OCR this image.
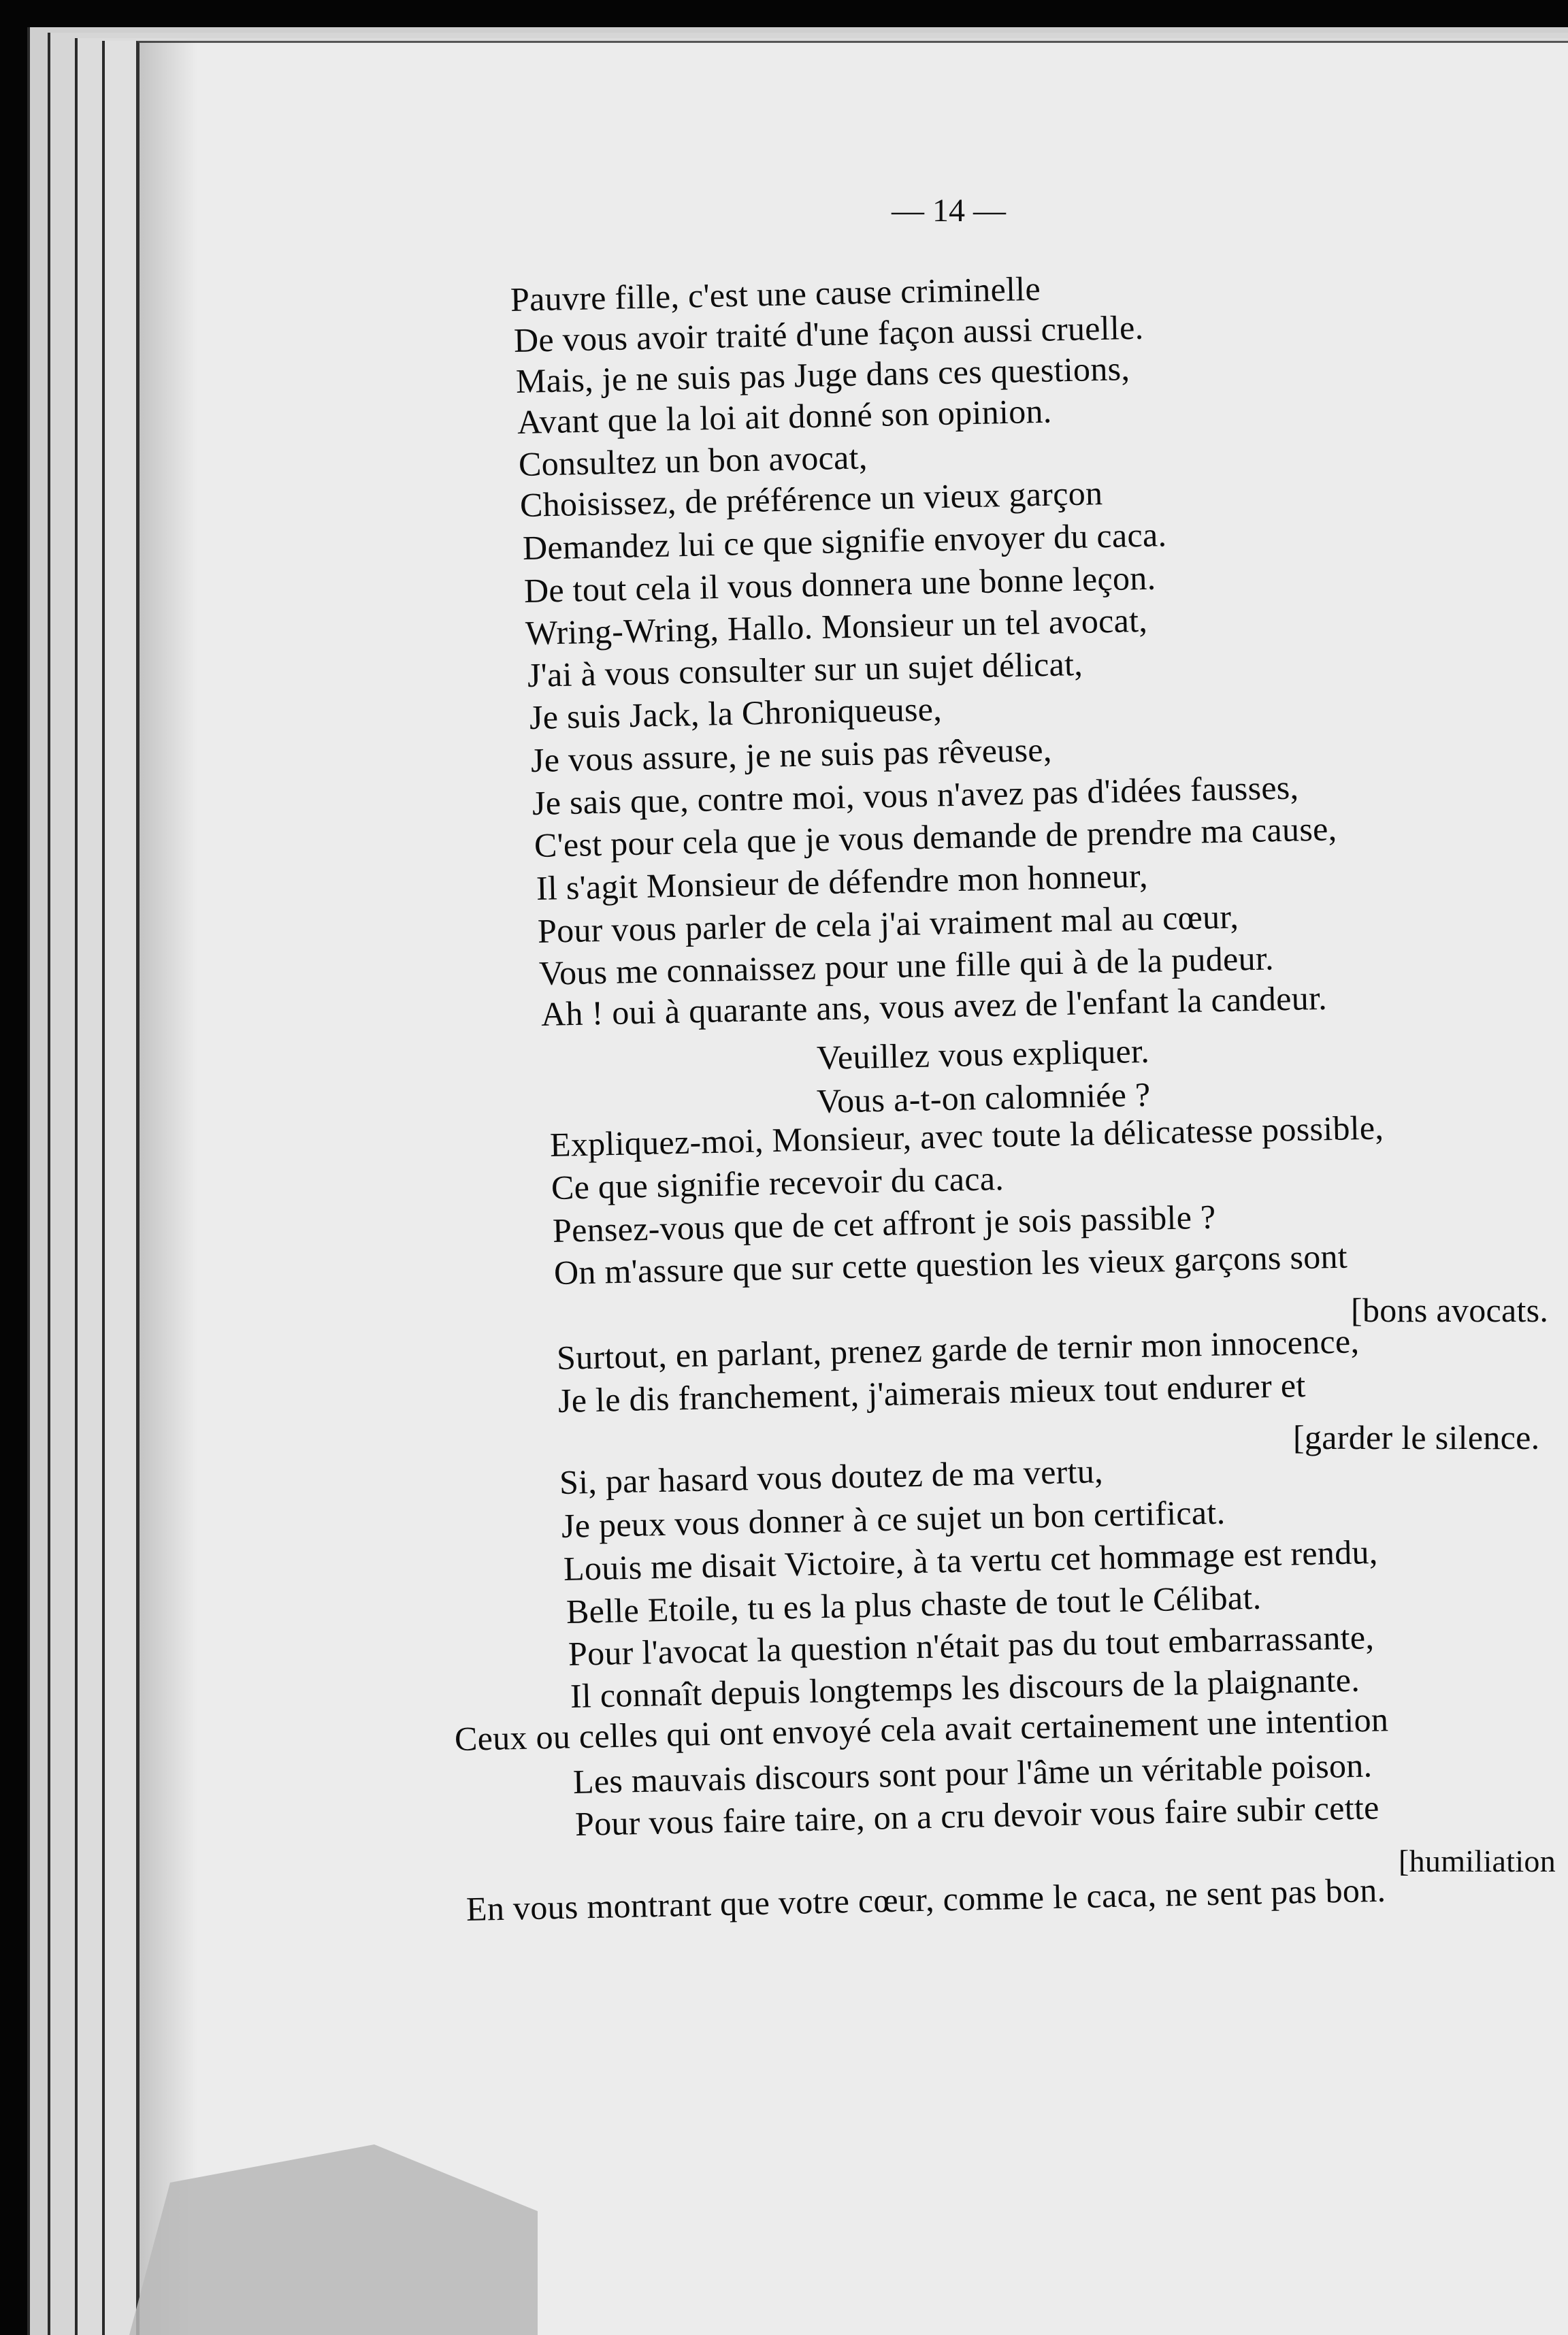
— 14 —
Pauvre fille, c'est une cause criminelle
De vous avoir traité d'une façon aussi cruelle.
Mais, je ne suis pas Juge dans ces questions,
Avant que la loi ait donné son opinion.
Consultez un bon avocat,
Choisissez, de préférence un vieux garçon
Demandez lui ce que signifie envoyer du caca.
De tout cela il vous donnera une bonne leçon.
Wring-Wring, Hallo. Monsieur un tel avocat,
J'ai à vous consulter sur un sujet délicat,
Je suis Jack, la Chroniqueuse,
Je vous assure, je ne suis pas rêveuse,
Je sais que, contre moi, vous n'avez pas d'idées fausses,
C'est pour cela que je vous demande de prendre ma cause,
Il s'agit Monsieur de défendre mon honneur,
Pour vous parler de cela j'ai vraiment mal au cœur,
Vous me connaissez pour une fille qui à de la pudeur.
Ah ! oui à quarante ans, vous avez de l'enfant la candeur.
Veuillez vous expliquer.
Vous a-t-on calomniée ?
Expliquez-moi, Monsieur, avec toute la délicatesse possible,
Ce que signifie recevoir du caca.
Pensez-vous que de cet affront je sois passible ?
On m'assure que sur cette question les vieux garçons sont
[bons avocats.
Surtout, en parlant, prenez garde de ternir mon innocence,
Je le dis franchement, j'aimerais mieux tout endurer et
[garder le silence.
Si, par hasard vous doutez de ma vertu,
Je peux vous donner à ce sujet un bon certificat.
Louis me disait Victoire, à ta vertu cet hommage est rendu,
Belle Etoile, tu es la plus chaste de tout le Célibat.
Pour l'avocat la question n'était pas du tout embarrassante,
Il connaît depuis longtemps les discours de la plaignante.
Ceux ou celles qui ont envoyé cela avait certainement une intention
Les mauvais discours sont pour l'âme un véritable poison.
Pour vous faire taire, on a cru devoir vous faire subir cette
[humiliation
En vous montrant que votre cœur, comme le caca, ne sent pas bon.
